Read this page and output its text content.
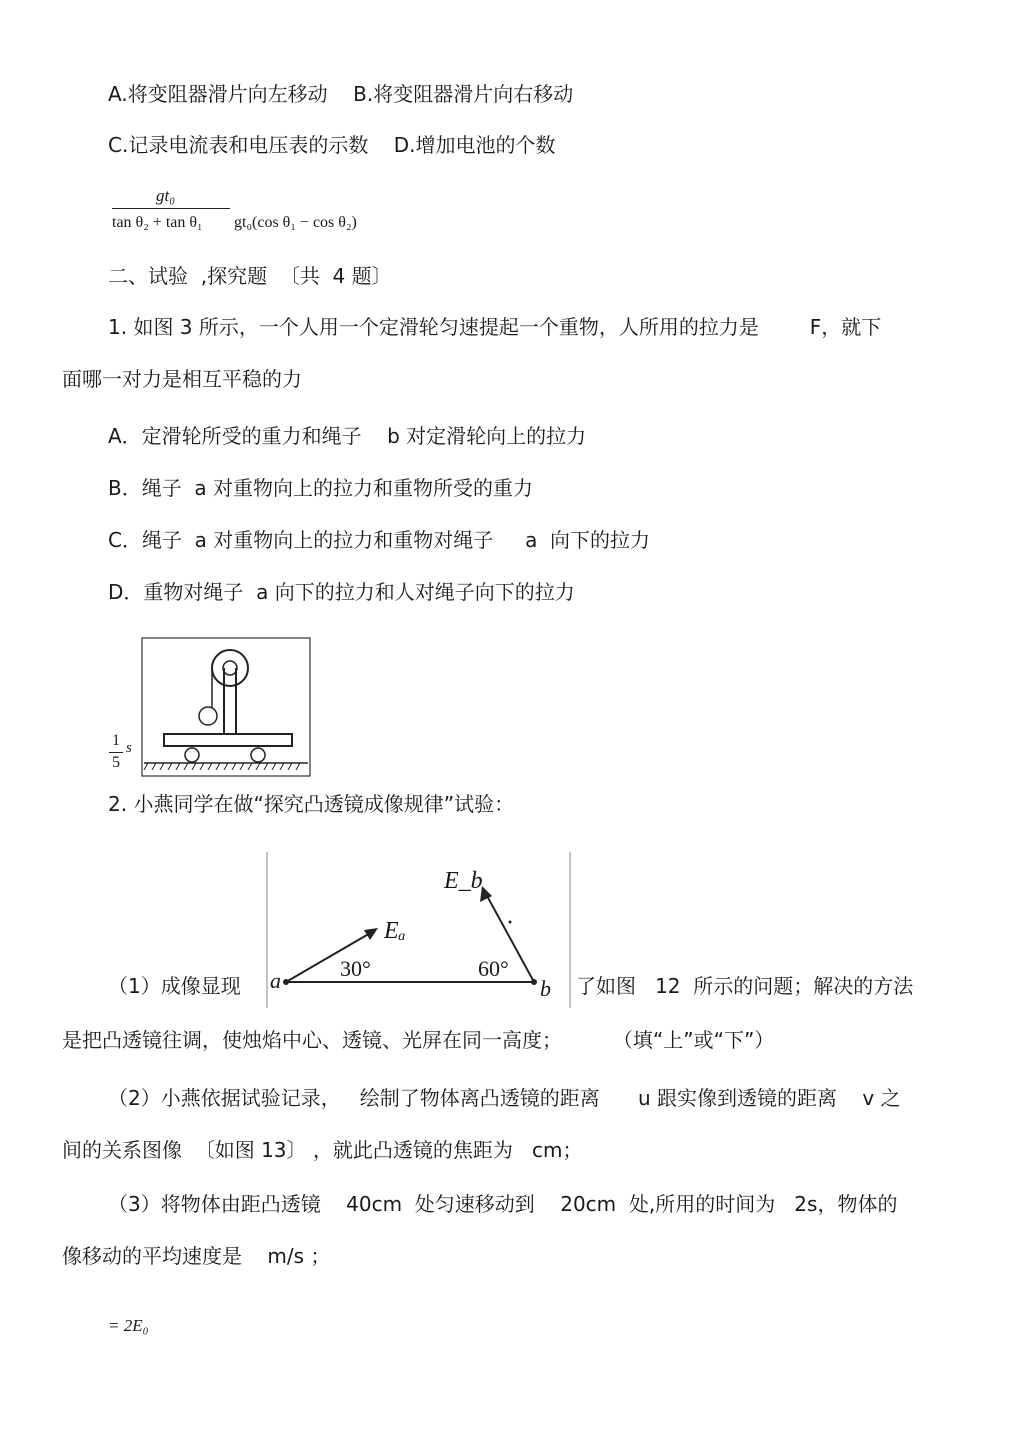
A.将变阻器滑片向左移动    B.将变阻器滑片向右移动
C.记录电流表和电压表的示数    D.增加电池的个数
gt₀
tan θ₂ + tan θ₁ gt₀(cos θ₁ − cos θ₂)
二、试验  ,探究题  〔共  4 题〕
1. 如图 3 所示，一个人用一个定滑轮匀速提起一个重物，人所用的拉力是        F，就下
面哪一对力是相互平稳的力
A．定滑轮所受的重力和绳子    b 对定滑轮向上的拉力
B．绳子  a 对重物向上的拉力和重物所受的重力
C．绳子  a 对重物向上的拉力和重物对绳子     a  向下的拉力
D．重物对绳子  a 向下的拉力和人对绳子向下的拉力
1
5
s
2. 小燕同学在做“探究凸透镜成像规律”试验：
a	b
Eₐ
E_b
30°	60°
（1）成像显现	了如图   12  所示的问题；解决的方法
是把凸透镜往调，使烛焰中心、透镜、光屏在同一高度；        （填“上”或“下”）
（2）小燕依据试验记录，   绘制了物体离凸透镜的距离      u 跟实像到透镜的距离    v 之
间的关系图像  〔如图 13〕 ，就此凸透镜的焦距为   cm；
（3）将物体由距凸透镜    40cm  处匀速移动到    20cm  处,所用的时间为   2s，物体的
像移动的平均速度是    m/s ；
= 2E₀
